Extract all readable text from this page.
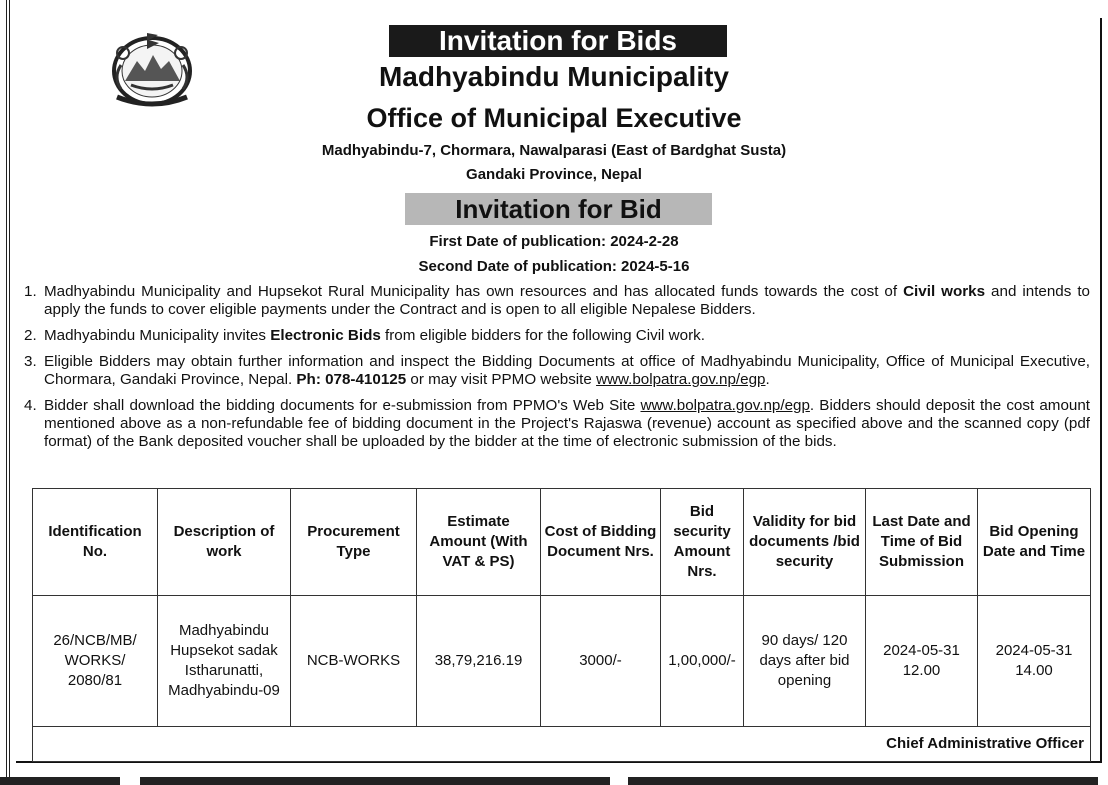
Invitation for Bids
Madhyabindu Municipality
Office of Municipal Executive
Madhyabindu-7, Chormara, Nawalparasi (East of Bardghat Susta)
Gandaki Province, Nepal
Invitation for Bid
First Date of publication: 2024-2-28
Second Date of publication: 2024-5-16
1. Madhyabindu Municipality and Hupsekot Rural Municipality has own resources and has allocated funds towards the cost of Civil works and intends to apply the funds to cover eligible payments under the Contract and is open to all eligible Nepalese Bidders.
2. Madhyabindu Municipality invites Electronic Bids from eligible bidders for the following Civil work.
3. Eligible Bidders may obtain further information and inspect the Bidding Documents at office of Madhyabindu Municipality, Office of Municipal Executive, Chormara, Gandaki Province, Nepal. Ph: 078-410125 or may visit PPMO website www.bolpatra.gov.np/egp.
4. Bidder shall download the bidding documents for e-submission from PPMO's Web Site www.bolpatra.gov.np/egp. Bidders should deposit the cost amount mentioned above as a non-refundable fee of bidding document in the Project's Rajaswa (revenue) account as specified above and the scanned copy (pdf format) of the Bank deposited voucher shall be uploaded by the bidder at the time of electronic submission of the bids.
Identification No.	Description of work	Procurement Type	Estimate Amount (With VAT & PS)	Cost of Bidding Document Nrs.	Bid security Amount Nrs.	Validity for bid documents /bid security	Last Date and Time of Bid Submission	Bid Opening Date and Time
26/NCB/MB/ WORKS/ 2080/81	Madhyabindu Hupsekot sadak Istharunatti, Madhyabindu-09	NCB-WORKS	38,79,216.19	3000/-	1,00,000/-	90 days/ 120 days after bid opening	2024-05-31 12.00	2024-05-31 14.00
Chief Administrative Officer								
